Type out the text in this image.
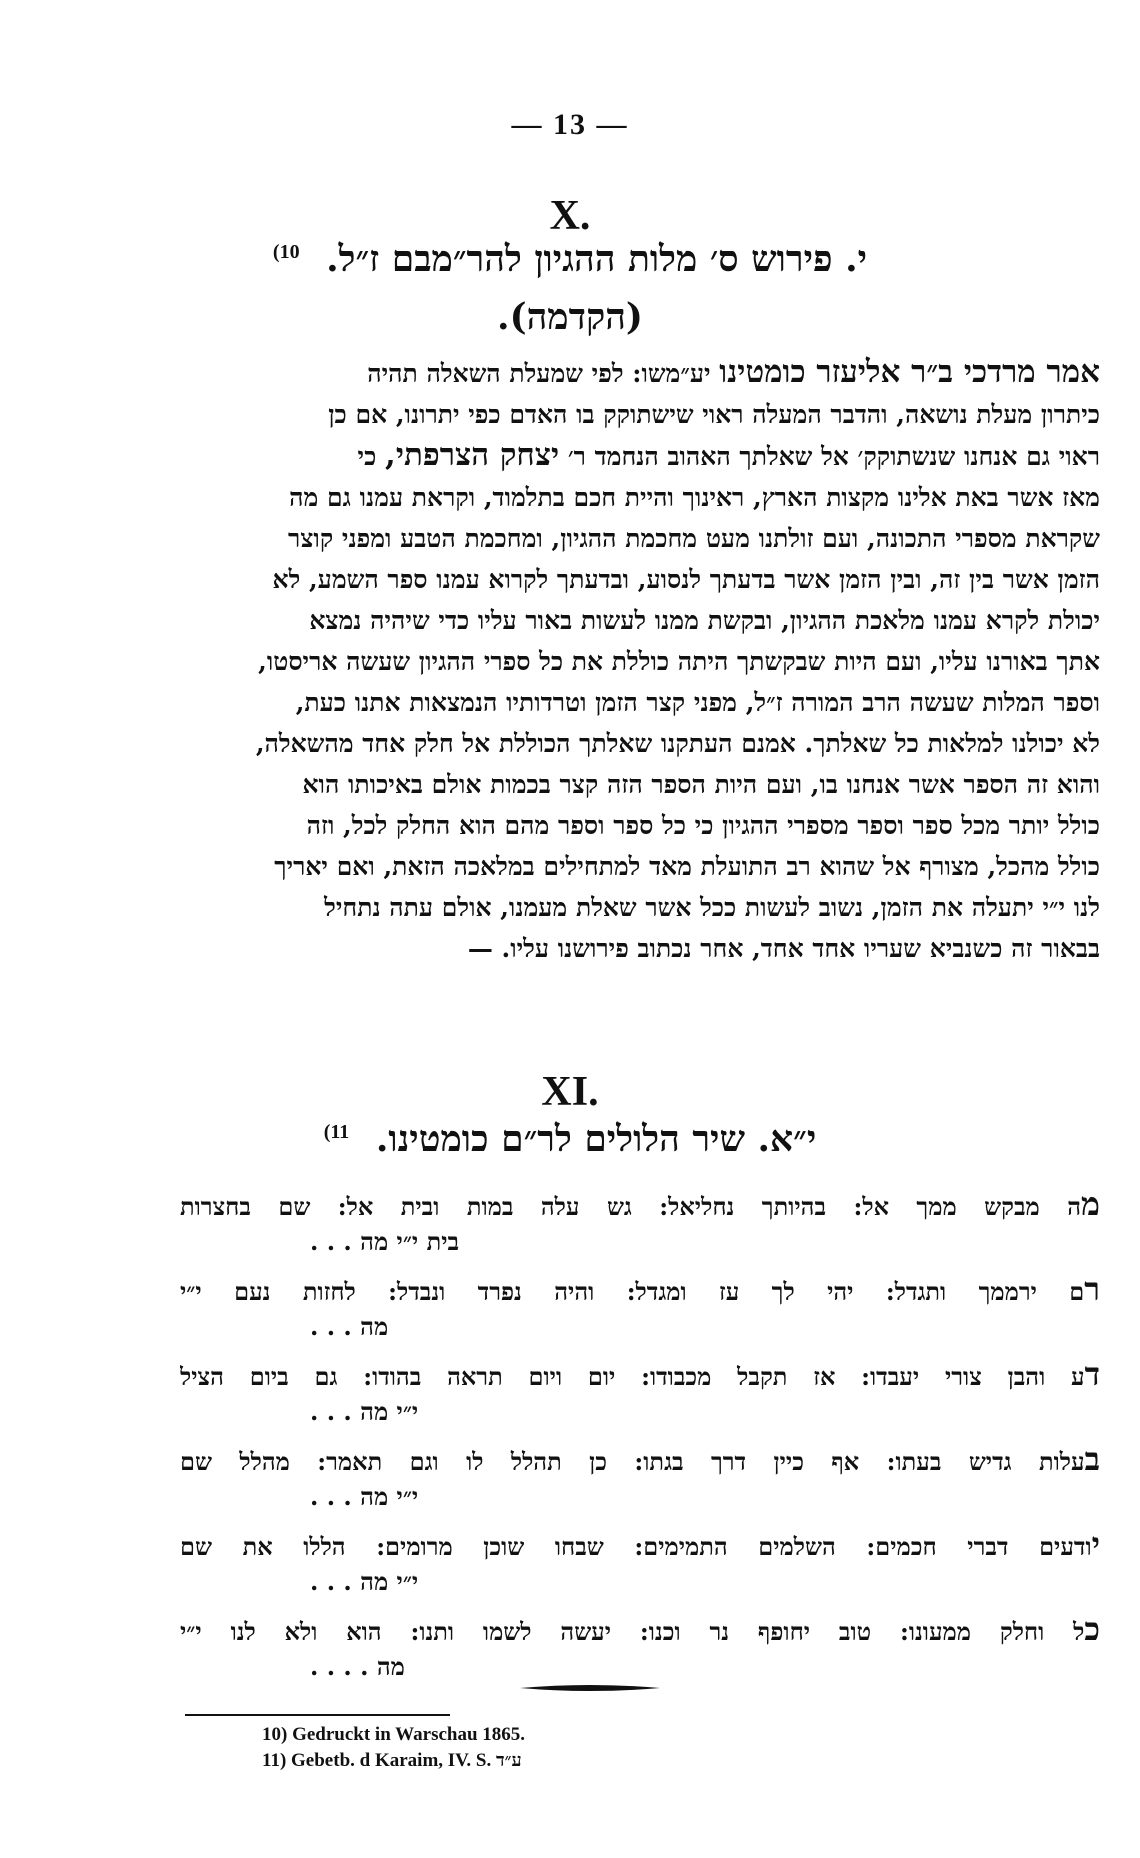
— 13 —
X.
י. פירוש ס׳ מלות ההגיון להר״מבם ז״ל. $^{10)}$
(הקדמה).

אמר מרדכי ב״ר אליעזר כומטינו יע״משו: לפי שמעלת השאלה תהיה

כיתרון מעלת נושאה, והדבר המעלה ראוי שישתוקק בו האדם כפי יתרונו, אם כן

ראוי גם אנחנו שנשתוקק׳ אל שאלתך האהוב הנחמד ר׳ יצחק הצרפתי, כי

מאז אשר באת אלינו מקצות הארץ, ראינוך והיית חכם בתלמוד, וקראת עמנו גם מה

שקראת מספרי התכונה, ועם זולתנו מעט מחכמת ההגיון, ומחכמת הטבע ומפני קוצר

הזמן אשר בין זה, ובין הזמן אשר בדעתך לנסוע, ובדעתך לקרוא עמנו ספר השמע, לא

יכולת לקרא עמנו מלאכת ההגיון, ובקשת ממנו לעשות באור עליו כדי שיהיה נמצא

אתך באורנו עליו, ועם היות שבקשתך היתה כוללת את כל ספרי ההגיון שעשה אריסטו,

וספר המלות שעשה הרב המורה ז״ל, מפני קצר הזמן וטרדותיו הנמצאות אתנו כעת,

לא יכולנו למלאות כל שאלתך. אמנם העתקנו שאלתך הכוללת אל חלק אחד מהשאלה,

והוא זה הספר אשר אנחנו בו, ועם היות הספר הזה קצר בכמות אולם באיכותו הוא

כולל יותר מכל ספר וספר מספרי ההגיון כי כל ספר וספר מהם הוא החלק לכל, וזה

כולל מהכל, מצורף אל שהוא רב התועלת מאד למתחילים במלאכה הזאת, ואם יאריך

לנו י״י יתעלה את הזמן, נשוב לעשות ככל אשר שאלת מעמנו, אולם עתה נתחיל

בבאור זה כשנביא שעריו אחד אחד, אחר נכתוב פירושנו עליו. —

XI.
י״א. שיר הלולים לר״ם כומטינו. $^{11)}$
מה מבקש ממך אל: בהיותך נחליאל: גש עלה במות ובית אל: שם בחצרות
בית י״י מה . . .
רם ירממך ותגדל: יהי לך עז ומגדל: והיה נפרד ונבדל: לחזות נעם י״י
מה . . .
דע והבן צורי יעבדו: אז תקבל מכבודו: יום ויום תראה בהודו: גם ביום הציל
י״י מה . . .
בעלות גדיש בעתו: אף כיין דרך בגתו: כן תהלל לו וגם תאמר: מהלל שם
י״י מה . . .
יודעים דברי חכמים: השלמים התמימים: שבחו שוכן מרומים: הללו את שם
י״י מה . . .
כל וחלק ממעונו: טוב יחופף נר וכנו: יעשה לשמו ותנו: הוא ולא לנו י״י
מה . . . .
10) Gedruckt in Warschau 1865.
11) Gebetb. d Karaim, IV. S. ע״ד
